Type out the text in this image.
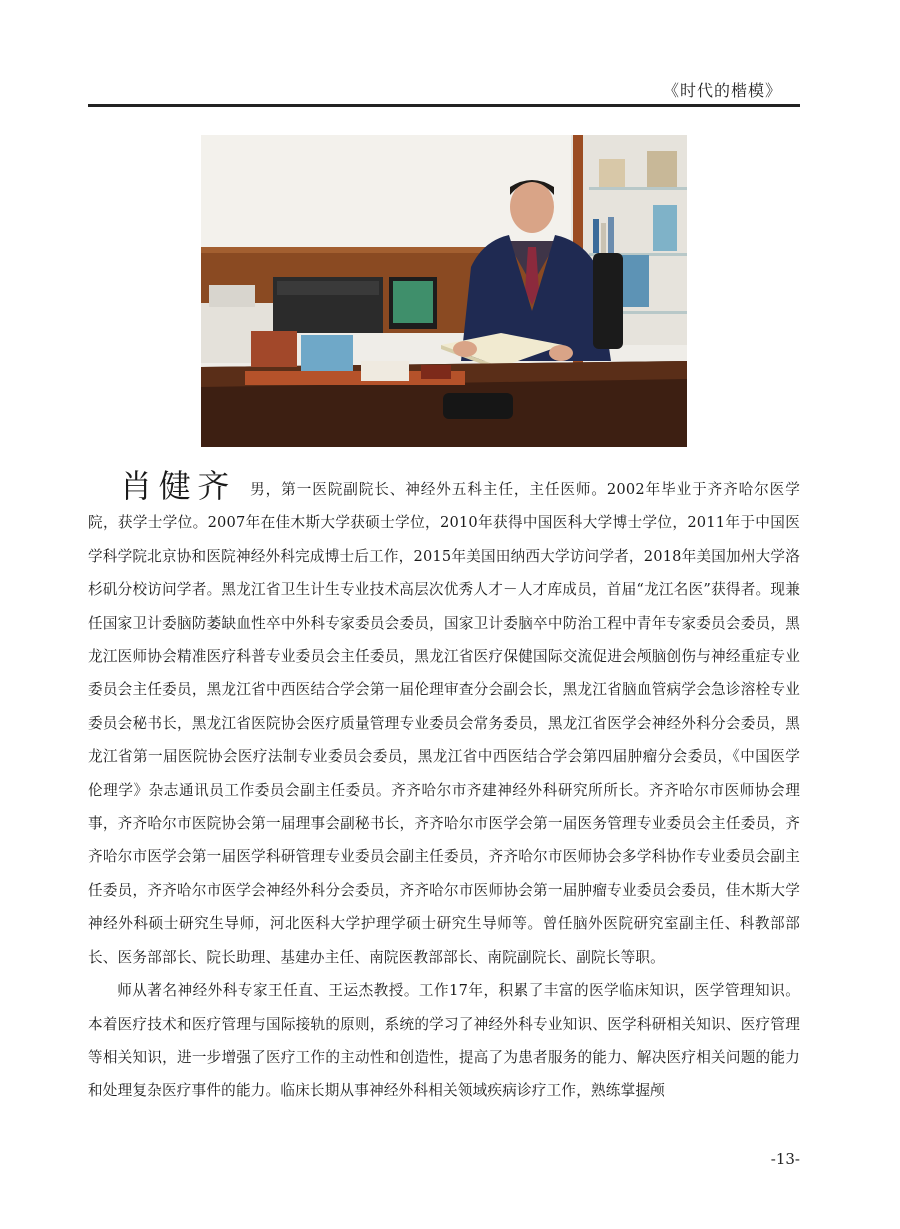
《时代的楷模》

肖健齐 男，第一医院副院长、神经外五科主任，主任医师。2002年毕业于齐齐哈尔医学院，获学士学位。2007年在佳木斯大学获硕士学位，2010年获得中国医科大学博士学位，2011年于中国医学科学院北京协和医院神经外科完成博士后工作，2015年美国田纳西大学访问学者，2018年美国加州大学洛杉矶分校访问学者。黑龙江省卫生计生专业技术高层次优秀人才－人才库成员，首届“龙江名医”获得者。现兼任国家卫计委脑防萎缺血性卒中外科专家委员会委员，国家卫计委脑卒中防治工程中青年专家委员会委员，黑龙江医师协会精准医疗科普专业委员会主任委员，黑龙江省医疗保健国际交流促进会颅脑创伤与神经重症专业委员会主任委员，黑龙江省中西医结合学会第一届伦理审查分会副会长，黑龙江省脑血管病学会急诊溶栓专业委员会秘书长，黑龙江省医院协会医疗质量管理专业委员会常务委员，黑龙江省医学会神经外科分会委员，黑龙江省第一届医院协会医疗法制专业委员会委员，黑龙江省中西医结合学会第四届肿瘤分会委员，《中国医学伦理学》杂志通讯员工作委员会副主任委员。齐齐哈尔市齐建神经外科研究所所长。齐齐哈尔市医师协会理事，齐齐哈尔市医院协会第一届理事会副秘书长，齐齐哈尔市医学会第一届医务管理专业委员会主任委员，齐齐哈尔市医学会第一届医学科研管理专业委员会副主任委员，齐齐哈尔市医师协会多学科协作专业委员会副主任委员，齐齐哈尔市医学会神经外科分会委员，齐齐哈尔市医师协会第一届肿瘤专业委员会委员，佳木斯大学神经外科硕士研究生导师，河北医科大学护理学硕士研究生导师等。曾任脑外医院研究室副主任、科教部部长、医务部部长、院长助理、基建办主任、南院医教部部长、南院副院长、副院长等职。

师从著名神经外科专家王任直、王运杰教授。工作17年，积累了丰富的医学临床知识，医学管理知识。本着医疗技术和医疗管理与国际接轨的原则，系统的学习了神经外科专业知识、医学科研相关知识、医疗管理等相关知识，进一步增强了医疗工作的主动性和创造性，提高了为患者服务的能力、解决医疗相关问题的能力和处理复杂医疗事件的能力。临床长期从事神经外科相关领域疾病诊疗工作，熟练掌握颅

-13-
